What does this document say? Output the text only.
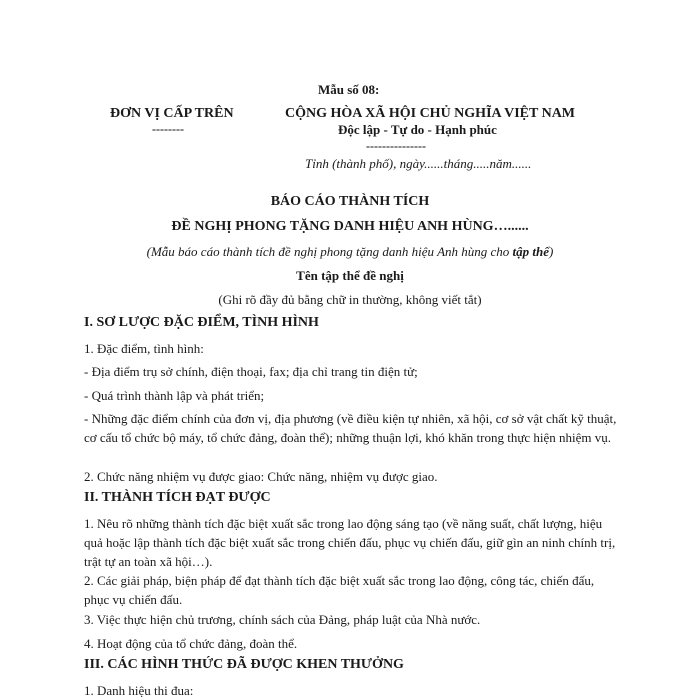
Mẫu số 08:
ĐƠN VỊ CẤP TRÊN
--------
CỘNG HÒA XÃ HỘI CHỦ NGHĨA VIỆT NAM
Độc lập - Tự do - Hạnh phúc
---------------
Tỉnh (thành phố), ngày......tháng.....năm......
BÁO CÁO THÀNH TÍCH
ĐỀ NGHỊ PHONG TẶNG DANH HIỆU ANH HÙNG…......
(Mẫu báo cáo thành tích đề nghị phong tặng danh hiệu Anh hùng cho tập thể)
Tên tập thể đề nghị
(Ghi rõ đầy đủ bằng chữ in thường, không viết tắt)
I. SƠ LƯỢC ĐẶC ĐIỂM, TÌNH HÌNH
1. Đặc điểm, tình hình:
- Địa điểm trụ sở chính, điện thoại, fax; địa chỉ trang tin điện tử;
- Quá trình thành lập và phát triển;
- Những đặc điểm chính của đơn vị, địa phương (về điều kiện tự nhiên, xã hội, cơ sở vật chất kỹ thuật, cơ cấu tổ chức bộ máy, tổ chức đảng, đoàn thể); những thuận lợi, khó khăn trong thực hiện nhiệm vụ.
2. Chức năng nhiệm vụ được giao: Chức năng, nhiệm vụ được giao.
II. THÀNH TÍCH ĐẠT ĐƯỢC
1. Nêu rõ những thành tích đặc biệt xuất sắc trong lao động sáng tạo (về năng suất, chất lượng, hiệu quả hoặc lập thành tích đặc biệt xuất sắc trong chiến đấu, phục vụ chiến đấu, giữ gìn an ninh chính trị, trật tự an toàn xã hội…).
2. Các giải pháp, biện pháp để đạt thành tích đặc biệt xuất sắc trong lao động, công tác, chiến đấu, phục vụ chiến đấu.
3. Việc thực hiện chủ trương, chính sách của Đảng, pháp luật của Nhà nước.
4. Hoạt động của tổ chức đảng, đoàn thể.
III. CÁC HÌNH THỨC ĐÃ ĐƯỢC KHEN THƯỞNG
1. Danh hiệu thi đua:
